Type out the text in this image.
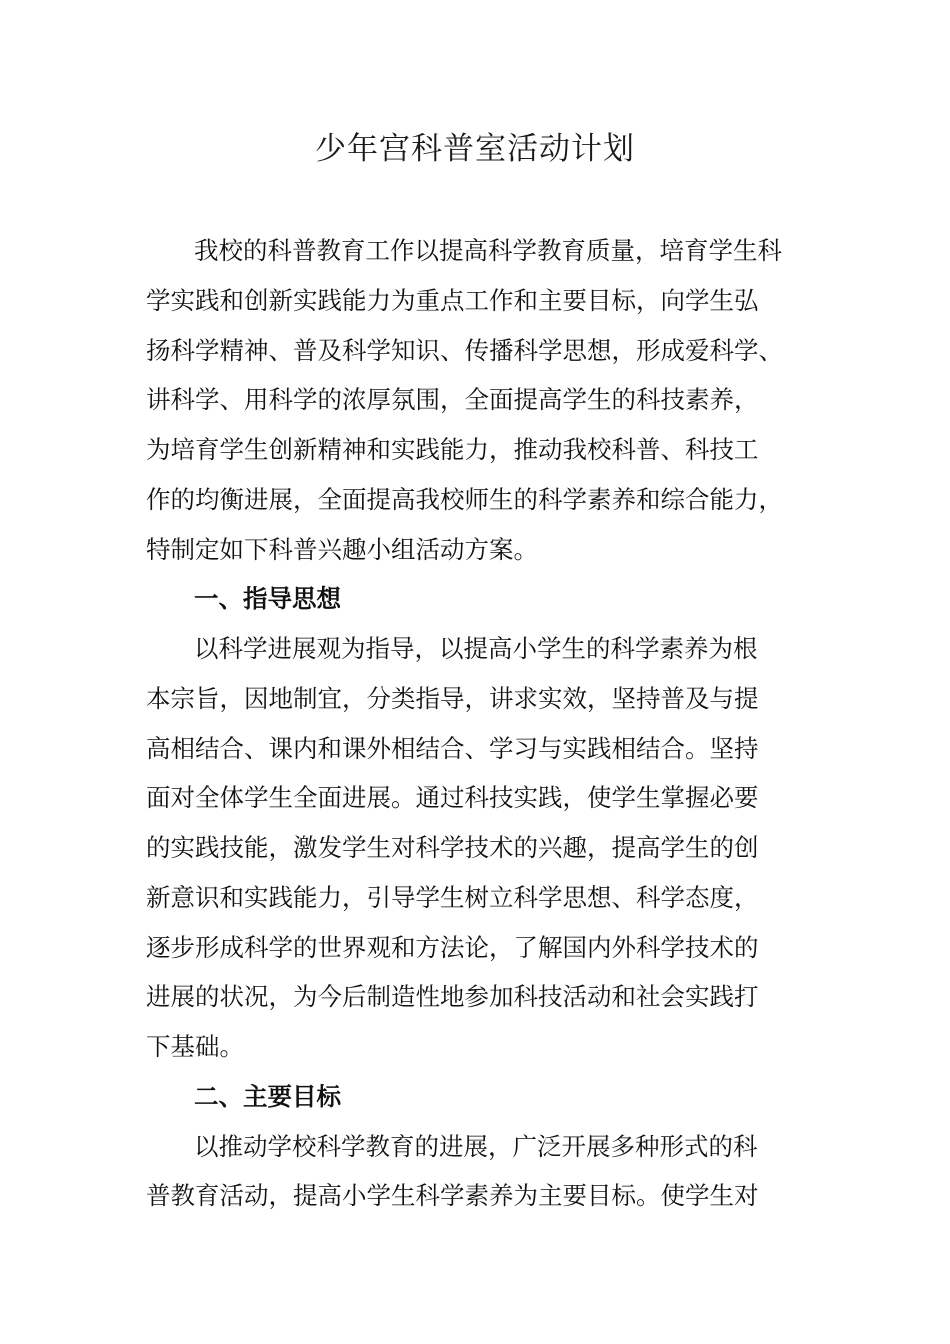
少年宫科普室活动计划
我校的科普教育工作以提高科学教育质量，培育学生科
学实践和创新实践能力为重点工作和主要目标，向学生弘
扬科学精神、普及科学知识、传播科学思想，形成爱科学、
讲科学、用科学的浓厚氛围，全面提高学生的科技素养，
为培育学生创新精神和实践能力，推动我校科普、科技工
作的均衡进展，全面提高我校师生的科学素养和综合能力，
特制定如下科普兴趣小组活动方案。
一、指导思想
以科学进展观为指导，以提高小学生的科学素养为根
本宗旨，因地制宜，分类指导，讲求实效，坚持普及与提
高相结合、课内和课外相结合、学习与实践相结合。坚持
面对全体学生全面进展。通过科技实践，使学生掌握必要
的实践技能，激发学生对科学技术的兴趣，提高学生的创
新意识和实践能力，引导学生树立科学思想、科学态度，
逐步形成科学的世界观和方法论，了解国内外科学技术的
进展的状况，为今后制造性地参加科技活动和社会实践打
下基础。
二、主要目标
以推动学校科学教育的进展，广泛开展多种形式的科
普教育活动，提高小学生科学素养为主要目标。使学生对
